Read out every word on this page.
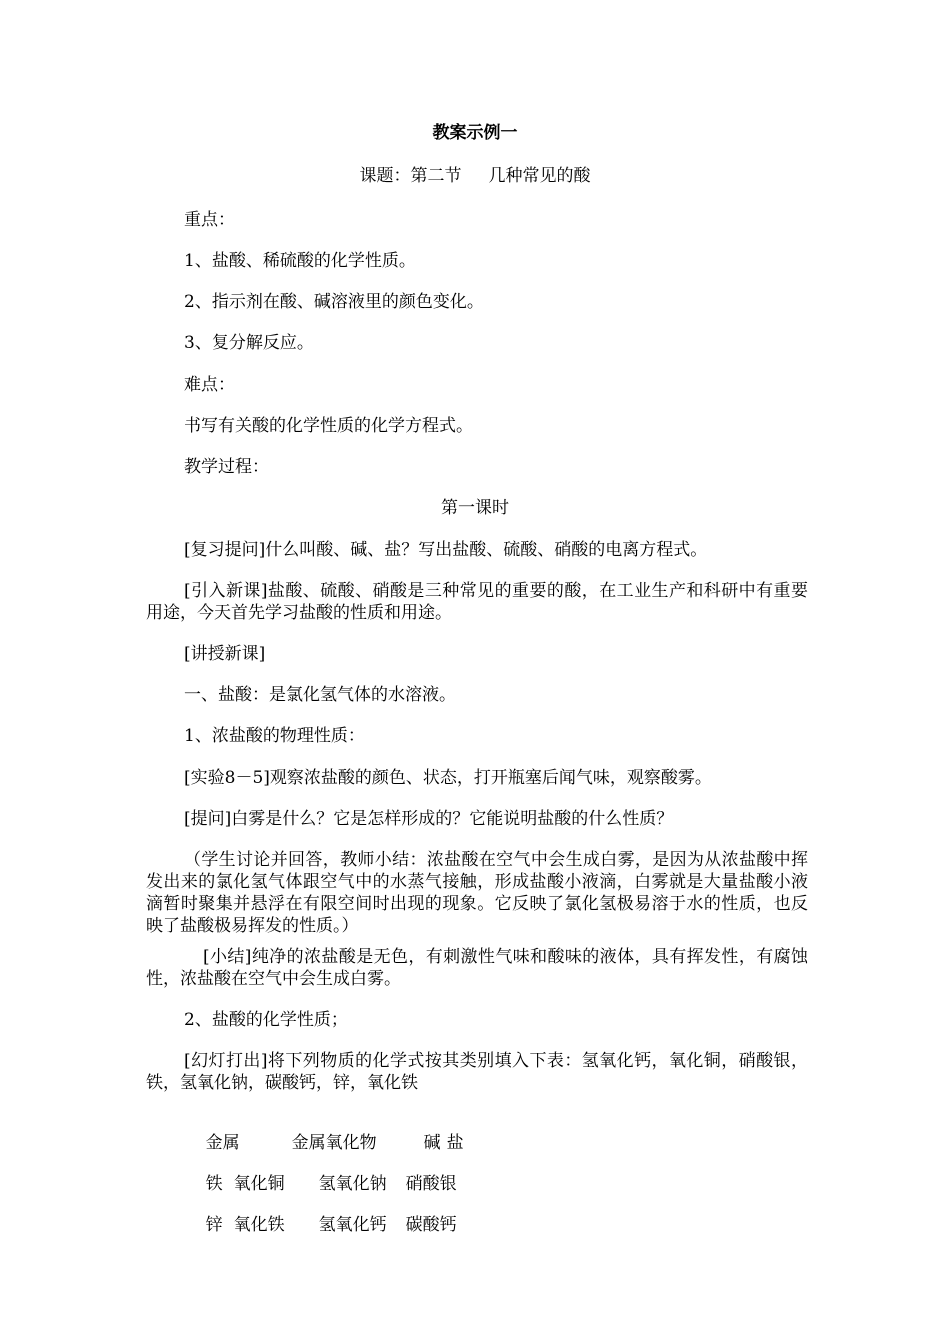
教案示例一
课题：第二节     几种常见的酸
重点：
1、盐酸、稀硫酸的化学性质。
2、指示剂在酸、碱溶液里的颜色变化。
3、复分解反应。
难点：
书写有关酸的化学性质的化学方程式。
教学过程：
第一课时
[复习提问]什么叫酸、碱、盐？写出盐酸、硫酸、硝酸的电离方程式。
[引入新课]盐酸、硫酸、硝酸是三种常见的重要的酸，在工业生产和科研中有重要用途，今天首先学习盐酸的性质和用途。
[讲授新课]
一、盐酸：是氯化氢气体的水溶液。
1、浓盐酸的物理性质：
[实验8－5]观察浓盐酸的颜色、状态，打开瓶塞后闻气味，观察酸雾。
[提问]白雾是什么？它是怎样形成的？它能说明盐酸的什么性质？
（学生讨论并回答，教师小结：浓盐酸在空气中会生成白雾，是因为从浓盐酸中挥发出来的氯化氢气体跟空气中的水蒸气接触，形成盐酸小液滴，白雾就是大量盐酸小液滴暂时聚集并悬浮在有限空间时出现的现象。它反映了氯化氢极易溶于水的性质，也反映了盐酸极易挥发的性质。）
[小结]纯净的浓盐酸是无色，有刺激性气味和酸味的液体，具有挥发性，有腐蚀性，浓盐酸在空气中会生成白雾。
2、盐酸的化学性质；
[幻灯打出]将下列物质的化学式按其类别填入下表：氢氧化钙，氧化铜，硝酸银，铁，氢氧化钠，碳酸钙，锌，氧化铁

金属	金属氧化物	碱 盐

铁 氧化铜 氢氧化钠 硝酸银

锌 氧化铁 氢氧化钙 碳酸钙
